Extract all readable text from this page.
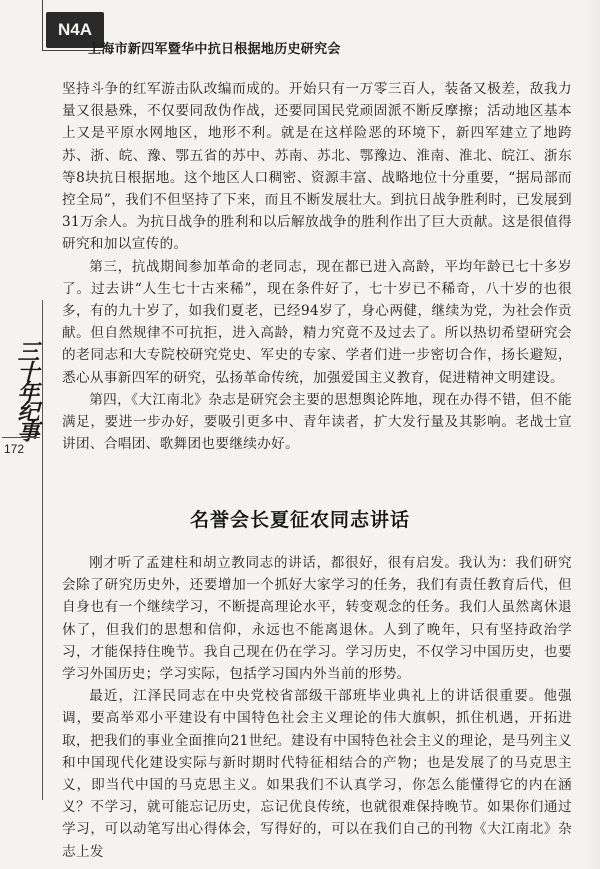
N4A
上海市新四军暨华中抗日根据地历史研究会
三十年纪事
172

坚持斗争的红军游击队改编而成的。开始只有一万零三百人，装备又极差，敌我力量又很悬殊，不仅要同敌伪作战，还要同国民党顽固派不断反摩擦；活动地区基本上又是平原水网地区，地形不利。就是在这样险恶的环境下，新四军建立了地跨苏、浙、皖、豫、鄂五省的苏中、苏南、苏北、鄂豫边、淮南、淮北、皖江、浙东等8块抗日根据地。这个地区人口稠密、资源丰富、战略地位十分重要，“据局部而控全局”，我们不但坚持了下来，而且不断发展壮大。到抗日战争胜利时，已发展到31万余人。为抗日战争的胜利和以后解放战争的胜利作出了巨大贡献。这是很值得研究和加以宣传的。

第三，抗战期间参加革命的老同志，现在都已进入高龄，平均年龄已七十多岁了。过去讲“人生七十古来稀”，现在条件好了，七十岁已不稀奇，八十岁的也很多，有的九十岁了，如我们夏老，已经94岁了，身心两健，继续为党，为社会作贡献。但自然规律不可抗拒，进入高龄，精力究竟不及过去了。所以热切希望研究会的老同志和大专院校研究党史、军史的专家、学者们进一步密切合作，扬长避短，悉心从事新四军的研究，弘扬革命传统，加强爱国主义教育，促进精神文明建设。

第四，《大江南北》杂志是研究会主要的思想舆论阵地，现在办得不错，但不能满足，要进一步办好，要吸引更多中、青年读者，扩大发行量及其影响。老战士宣讲团、合唱团、歌舞团也要继续办好。

名誉会长夏征农同志讲话

刚才听了孟建柱和胡立教同志的讲话，都很好，很有启发。我认为：我们研究会除了研究历史外，还要增加一个抓好大家学习的任务，我们有责任教育后代，但自身也有一个继续学习，不断提高理论水平，转变观念的任务。我们人虽然离休退休了，但我们的思想和信仰，永远也不能离退休。人到了晚年，只有坚持政治学习，才能保持住晚节。我自己现在仍在学习。学习历史，不仅学习中国历史，也要学习外国历史；学习实际，包括学习国内外当前的形势。

最近，江泽民同志在中央党校省部级干部班毕业典礼上的讲话很重要。他强调，要高举邓小平建设有中国特色社会主义理论的伟大旗帜，抓住机遇，开拓进取，把我们的事业全面推向21世纪。建设有中国特色社会主义的理论，是马列主义和中国现代化建设实际与新时期时代特征相结合的产物；也是发展了的马克思主义，即当代中国的马克思主义。如果我们不认真学习，你怎么能懂得它的内在涵义？不学习，就可能忘记历史，忘记优良传统，也就很难保持晚节。如果你们通过学习，可以动笔写出心得体会，写得好的，可以在我们自己的刊物《大江南北》杂志上发
